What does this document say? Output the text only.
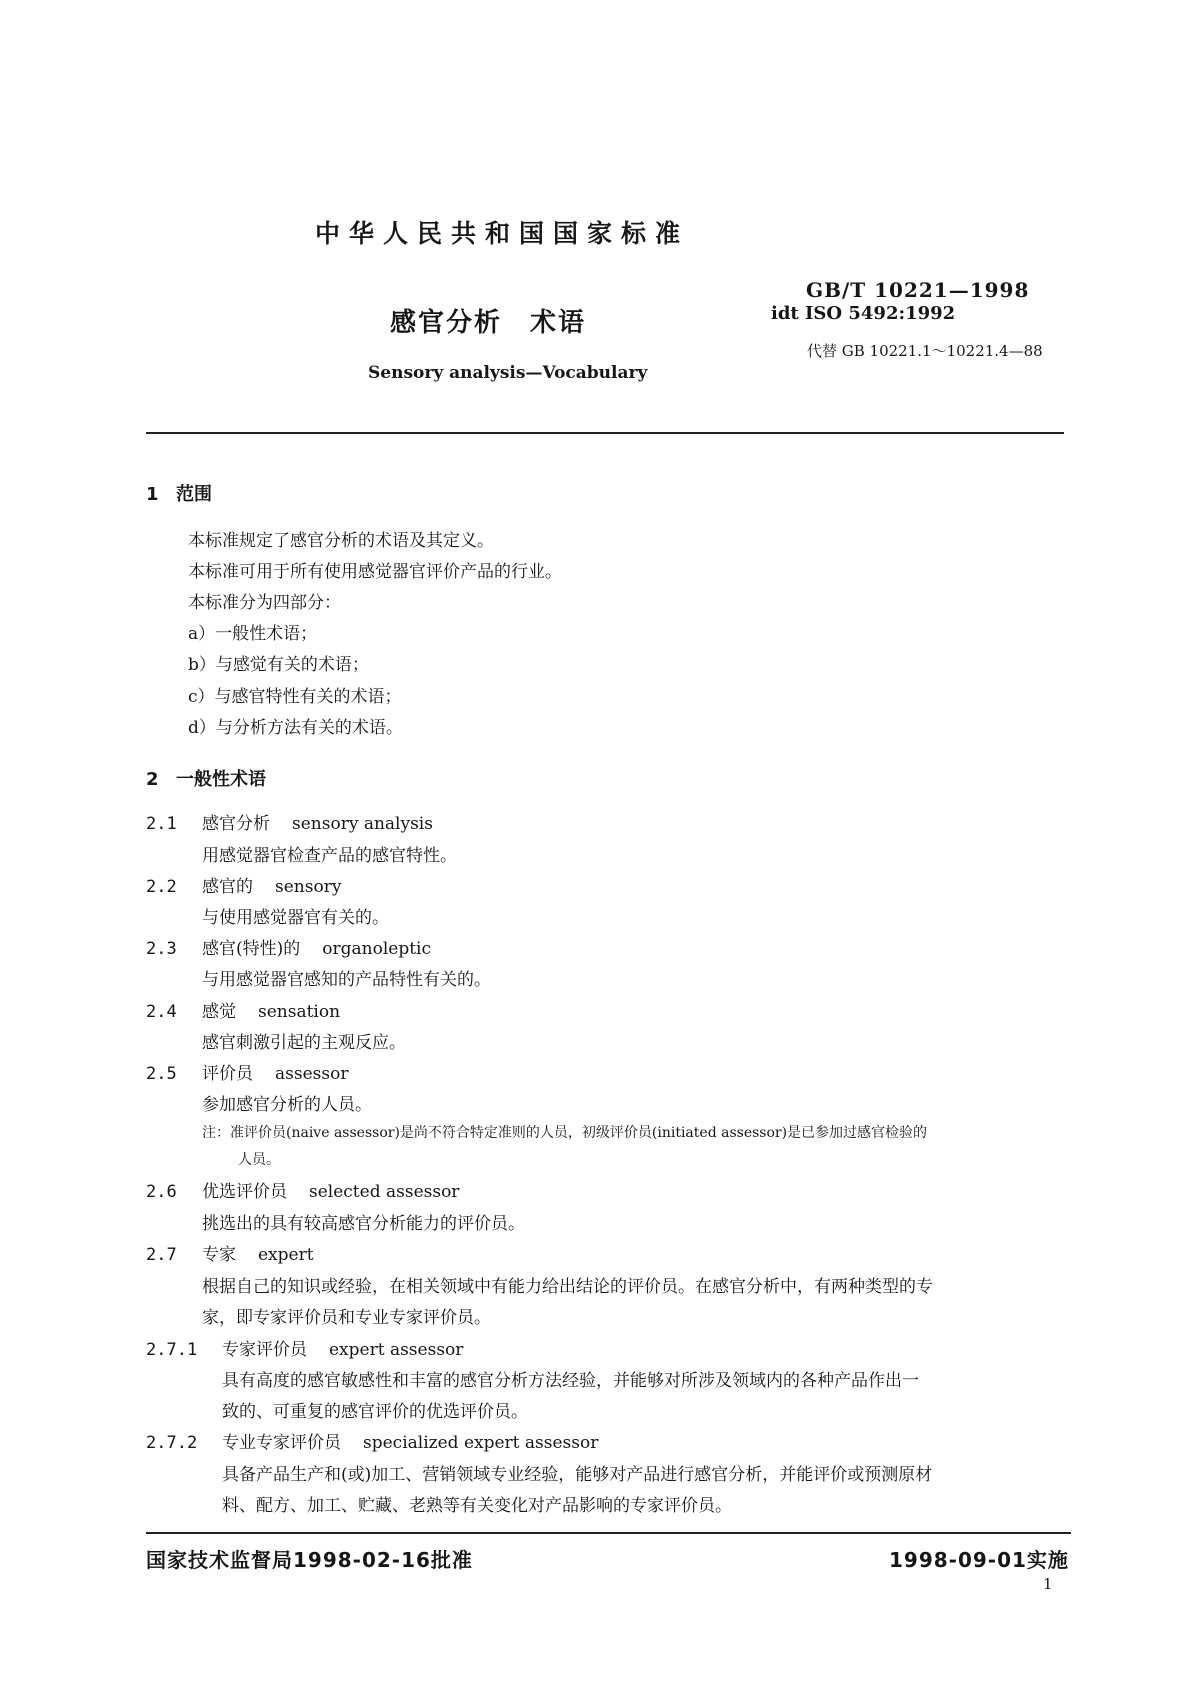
中华人民共和国国家标准
GB/T 10221—1998
感官分析　术语	idt ISO 5492:1992
代替 GB 10221.1～10221.4—88
Sensory analysis—Vocabulary
1 范围
本标准规定了感官分析的术语及其定义。
本标准可用于所有使用感觉器官评价产品的行业。
本标准分为四部分：
a）一般性术语；
b）与感觉有关的术语；
c）与感官特性有关的术语；
d）与分析方法有关的术语。
2 一般性术语
2.1 感官分析 sensory analysis
用感觉器官检查产品的感官特性。
2.2 感官的 sensory
与使用感觉器官有关的。
2.3 感官(特性)的 organoleptic
与用感觉器官感知的产品特性有关的。
2.4 感觉 sensation
感官刺激引起的主观反应。
2.5 评价员 assessor
参加感官分析的人员。
注：准评价员(naive assessor)是尚不符合特定准则的人员，初级评价员(initiated assessor)是已参加过感官检验的
人员。
2.6 优选评价员 selected assessor
挑选出的具有较高感官分析能力的评价员。
2.7 专家 expert
根据自己的知识或经验，在相关领域中有能力给出结论的评价员。在感官分析中，有两种类型的专
家，即专家评价员和专业专家评价员。
2.7.1 专家评价员 expert assessor
具有高度的感官敏感性和丰富的感官分析方法经验，并能够对所涉及领域内的各种产品作出一
致的、可重复的感官评价的优选评价员。
2.7.2 专业专家评价员 specialized expert assessor
具备产品生产和(或)加工、营销领域专业经验，能够对产品进行感官分析，并能评价或预测原材
料、配方、加工、贮藏、老熟等有关变化对产品影响的专家评价员。
国家技术监督局1998-02-16批准	1998-09-01实施
1
